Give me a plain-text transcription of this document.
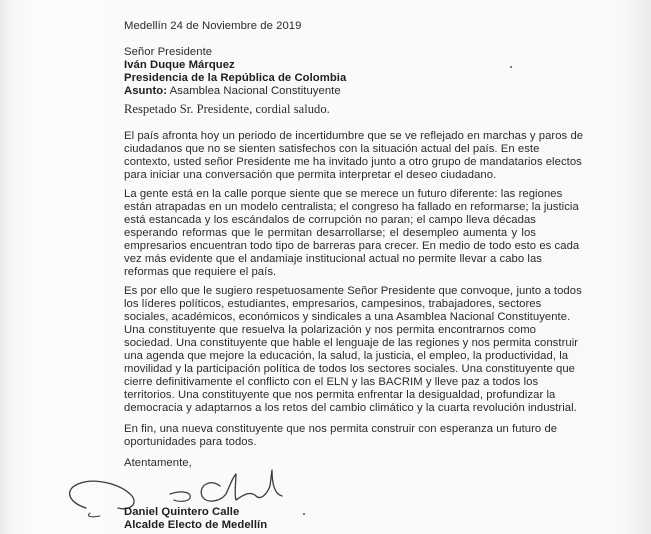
Medellín 24 de Noviembre de 2019

Señor Presidente

Iván Duque Márquez

Presidencia de la República de Colombia

Asunto: Asamblea Nacional Constituyente

Respetado Sr. Presidente, cordial saludo.

El país afronta hoy un periodo de incertidumbre que se ve reflejado en marchas y paros de

ciudadanos que no se sienten satisfechos con la situación actual del país. En este

contexto, usted señor Presidente me ha invitado junto a otro grupo de mandatarios electos

para iniciar una conversación que permita interpretar el deseo ciudadano.

La gente está en la calle porque siente que se merece un futuro diferente: las regiones

están atrapadas en un modelo centralista; el congreso ha fallado en reformarse; la justicia

está estancada y los escándalos de corrupción no paran; el campo lleva décadas

esperando reformas que le permitan desarrollarse; el desempleo aumenta y los

empresarios encuentran todo tipo de barreras para crecer. En medio de todo esto es cada

vez más evidente que el andamiaje institucional actual no permite llevar a cabo las

reformas que requiere el país.

Es por ello que le sugiero respetuosamente Señor Presidente que convoque, junto a todos

los líderes políticos, estudiantes, empresarios, campesinos, trabajadores, sectores

sociales, académicos, económicos y sindicales a una Asamblea Nacional Constituyente.

Una constituyente que resuelva la polarización y nos permita encontrarnos como

sociedad. Una constituyente que hable el lenguaje de las regiones y nos permita construir

una agenda que mejore la educación, la salud, la justicia, el empleo, la productividad, la

movilidad y la participación política de todos los sectores sociales. Una constituyente que

cierre definitivamente el conflicto con el ELN y las BACRIM y lleve paz a todos los

territorios. Una constituyente que nos permita enfrentar la desigualdad, profundizar la

democracia y adaptarnos a los retos del cambio climático y la cuarta revolución industrial.

En fin, una nueva constituyente que nos permita construir con esperanza un futuro de

oportunidades para todos.

Atentamente,

Daniel Quintero Calle

Alcalde Electo de Medellín
